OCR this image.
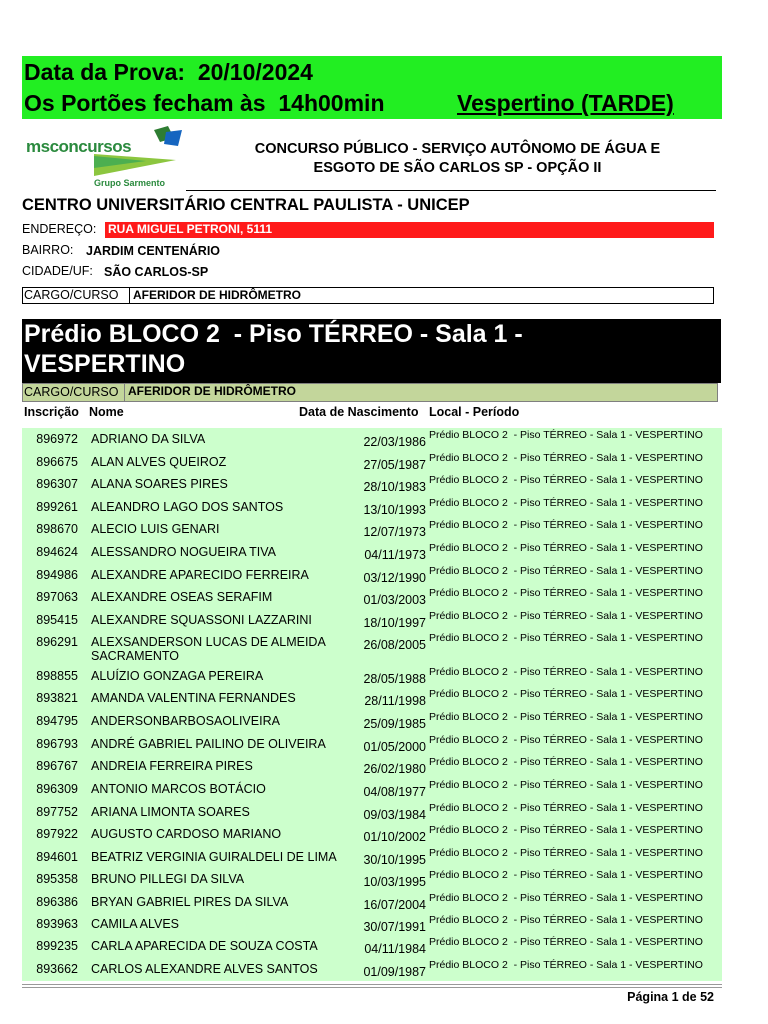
Data da Prova:  20/10/2024
Os Portões fecham às  14h00min	Vespertino (TARDE)
msconcursos
Grupo Sarmento
CONCURSO PÚBLICO - SERVIÇO AUTÔNOMO DE ÁGUA E
ESGOTO DE SÃO CARLOS SP - OPÇÃO II
CENTRO UNIVERSITÁRIO CENTRAL PAULISTA - UNICEP
ENDEREÇO: RUA MIGUEL PETRONI, 5111
BAIRRO: JARDIM CENTENÁRIO
CIDADE/UF: SÃO CARLOS-SP
CARGO/CURSO	AFERIDOR DE HIDRÔMETRO
Prédio BLOCO 2  - Piso TÉRREO - Sala 1 -
VESPERTINO
CARGO/CURSO AFERIDOR DE HIDRÔMETRO
Inscrição Nome	Data de Nascimento Local - Período
896972 ADRIANO DA SILVA	22/03/1986 Prédio BLOCO 2  - Piso TÉRREO - Sala 1 - VESPERTINO
896675 ALAN ALVES QUEIROZ	27/05/1987 Prédio BLOCO 2  - Piso TÉRREO - Sala 1 - VESPERTINO
896307 ALANA SOARES PIRES	28/10/1983 Prédio BLOCO 2  - Piso TÉRREO - Sala 1 - VESPERTINO
899261 ALEANDRO LAGO DOS SANTOS	13/10/1993 Prédio BLOCO 2  - Piso TÉRREO - Sala 1 - VESPERTINO
898670 ALECIO LUIS GENARI	12/07/1973 Prédio BLOCO 2  - Piso TÉRREO - Sala 1 - VESPERTINO
894624 ALESSANDRO NOGUEIRA TIVA	04/11/1973 Prédio BLOCO 2  - Piso TÉRREO - Sala 1 - VESPERTINO
894986 ALEXANDRE APARECIDO FERREIRA	03/12/1990 Prédio BLOCO 2  - Piso TÉRREO - Sala 1 - VESPERTINO
897063 ALEXANDRE OSEAS SERAFIM	01/03/2003 Prédio BLOCO 2  - Piso TÉRREO - Sala 1 - VESPERTINO
895415 ALEXANDRE SQUASSONI LAZZARINI	18/10/1997 Prédio BLOCO 2  - Piso TÉRREO - Sala 1 - VESPERTINO
896291 ALEXSANDERSON LUCAS DE ALMEIDA SACRAMENTO
26/08/2005 Prédio BLOCO 2  - Piso TÉRREO - Sala 1 - VESPERTINO
898855 ALUÍZIO GONZAGA PEREIRA	28/05/1988 Prédio BLOCO 2  - Piso TÉRREO - Sala 1 - VESPERTINO
893821 AMANDA VALENTINA FERNANDES	28/11/1998 Prédio BLOCO 2  - Piso TÉRREO - Sala 1 - VESPERTINO
894795 ANDERSONBARBOSAOLIVEIRA	25/09/1985 Prédio BLOCO 2  - Piso TÉRREO - Sala 1 - VESPERTINO
896793 ANDRÉ GABRIEL PAILINO DE OLIVEIRA	01/05/2000 Prédio BLOCO 2  - Piso TÉRREO - Sala 1 - VESPERTINO
896767 ANDREIA FERREIRA PIRES	26/02/1980 Prédio BLOCO 2  - Piso TÉRREO - Sala 1 - VESPERTINO
896309 ANTONIO MARCOS BOTÁCIO	04/08/1977 Prédio BLOCO 2  - Piso TÉRREO - Sala 1 - VESPERTINO
897752 ARIANA LIMONTA SOARES	09/03/1984 Prédio BLOCO 2  - Piso TÉRREO - Sala 1 - VESPERTINO
897922 AUGUSTO CARDOSO MARIANO	01/10/2002 Prédio BLOCO 2  - Piso TÉRREO - Sala 1 - VESPERTINO
894601 BEATRIZ VERGINIA GUIRALDELI DE LIMA	30/10/1995 Prédio BLOCO 2  - Piso TÉRREO - Sala 1 - VESPERTINO
895358 BRUNO PILLEGI DA SILVA	10/03/1995 Prédio BLOCO 2  - Piso TÉRREO - Sala 1 - VESPERTINO
896386 BRYAN GABRIEL PIRES DA SILVA	16/07/2004 Prédio BLOCO 2  - Piso TÉRREO - Sala 1 - VESPERTINO
893963 CAMILA ALVES	30/07/1991 Prédio BLOCO 2  - Piso TÉRREO - Sala 1 - VESPERTINO
899235 CARLA APARECIDA DE SOUZA COSTA	04/11/1984 Prédio BLOCO 2  - Piso TÉRREO - Sala 1 - VESPERTINO
893662 CARLOS ALEXANDRE ALVES SANTOS	01/09/1987 Prédio BLOCO 2  - Piso TÉRREO - Sala 1 - VESPERTINO
Página 1 de 52
